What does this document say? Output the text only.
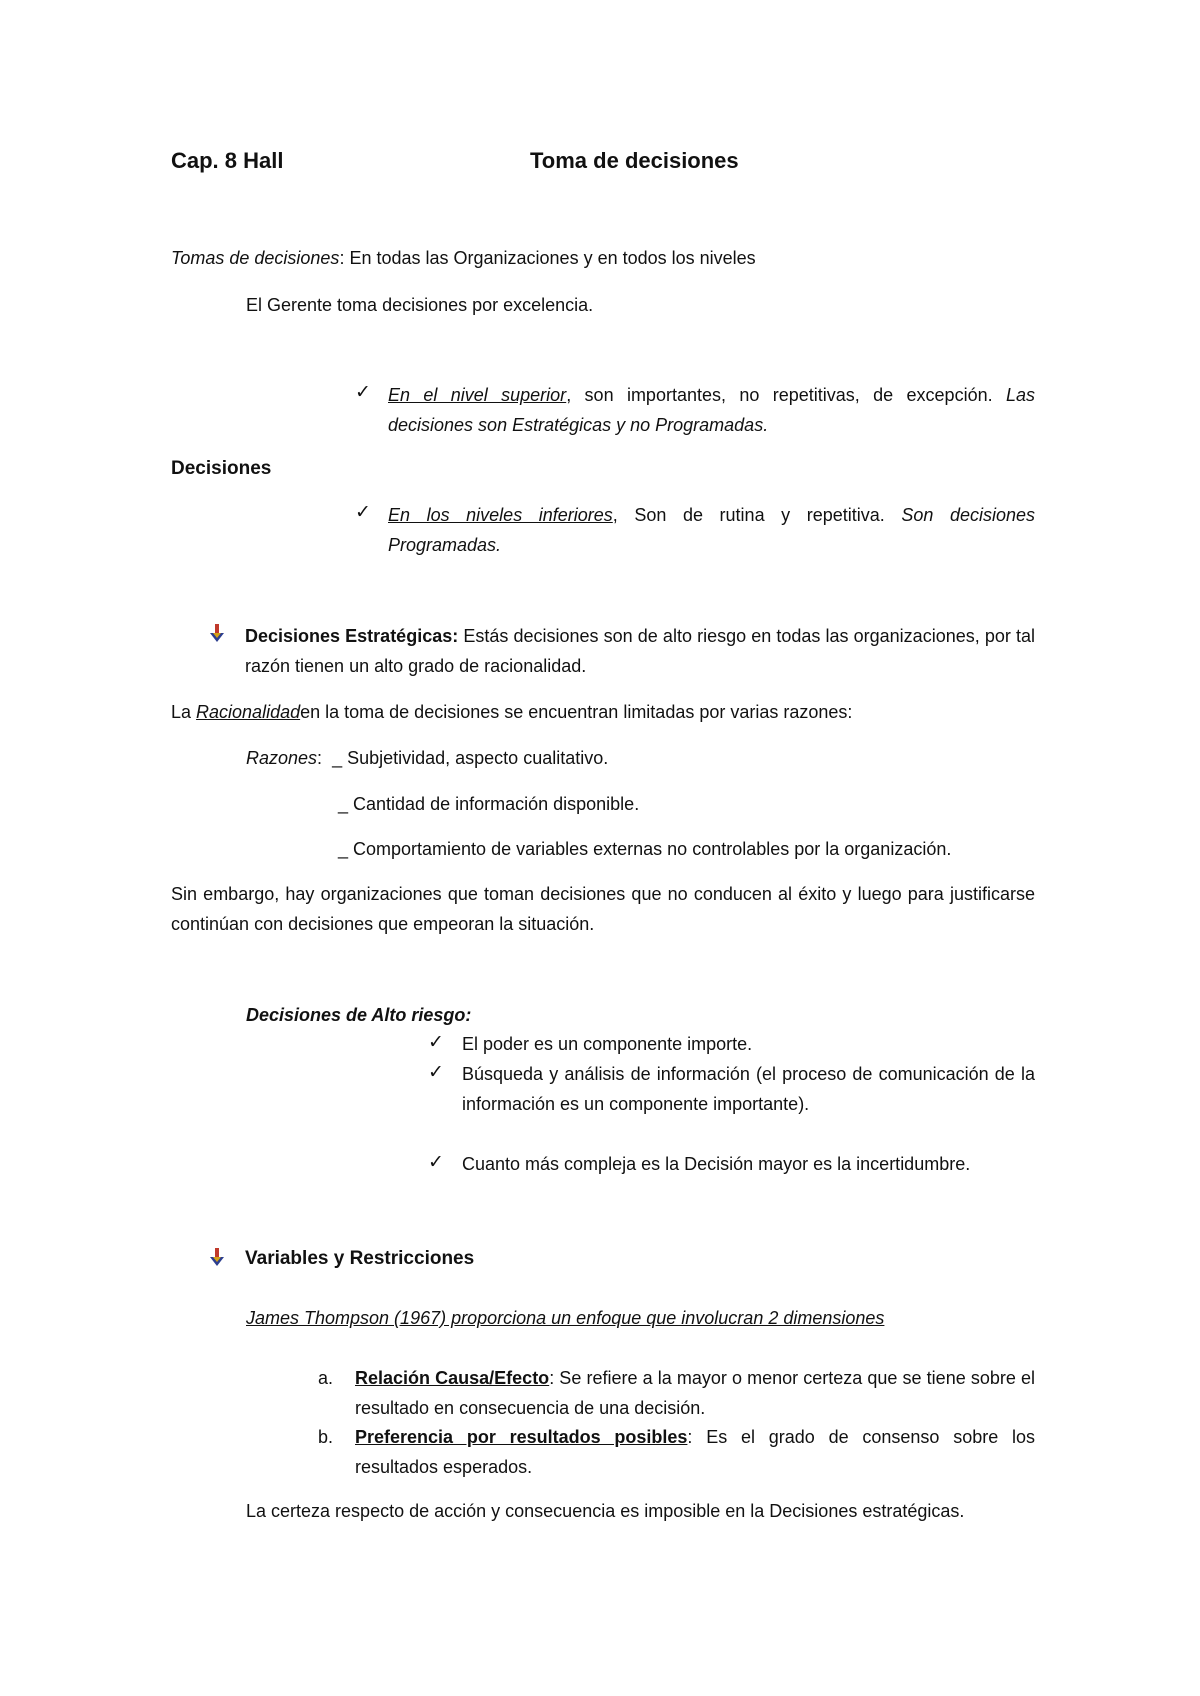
Cap. 8 Hall	Toma de decisiones
Tomas de decisiones: En todas las Organizaciones y en todos los niveles
El Gerente toma decisiones por excelencia.
✓ En el nivel superior, son importantes, no repetitivas, de excepción. Las decisiones son Estratégicas y no Programadas.
Decisiones
✓ En los niveles inferiores, Son de rutina y repetitiva. Son decisiones Programadas.
Decisiones Estratégicas: Estás decisiones son de alto riesgo en todas las organizaciones, por tal razón tienen un alto grado de racionalidad.
La Racionalidaden la toma de decisiones se encuentran limitadas por varias razones:
Razones:  _ Subjetividad, aspecto cualitativo.
_ Cantidad de información disponible.
_ Comportamiento de variables externas no controlables por la organización.
Sin embargo, hay organizaciones que toman decisiones que no conducen al éxito y luego para justificarse continúan con decisiones que empeoran la situación.
Decisiones de Alto riesgo:
✓ El poder es un componente importe.
✓ Búsqueda y análisis de información (el proceso de comunicación de la información es un componente importante).
✓ Cuanto más compleja es la Decisión mayor es la incertidumbre.
Variables y Restricciones
James Thompson (1967) proporciona un enfoque que involucran 2 dimensiones
a. Relación Causa/Efecto: Se refiere a la mayor o menor certeza que se tiene sobre el resultado en consecuencia de una decisión.
b. Preferencia por resultados posibles: Es el grado de consenso sobre los resultados esperados.
La certeza respecto de acción y consecuencia es imposible en la Decisiones estratégicas.
